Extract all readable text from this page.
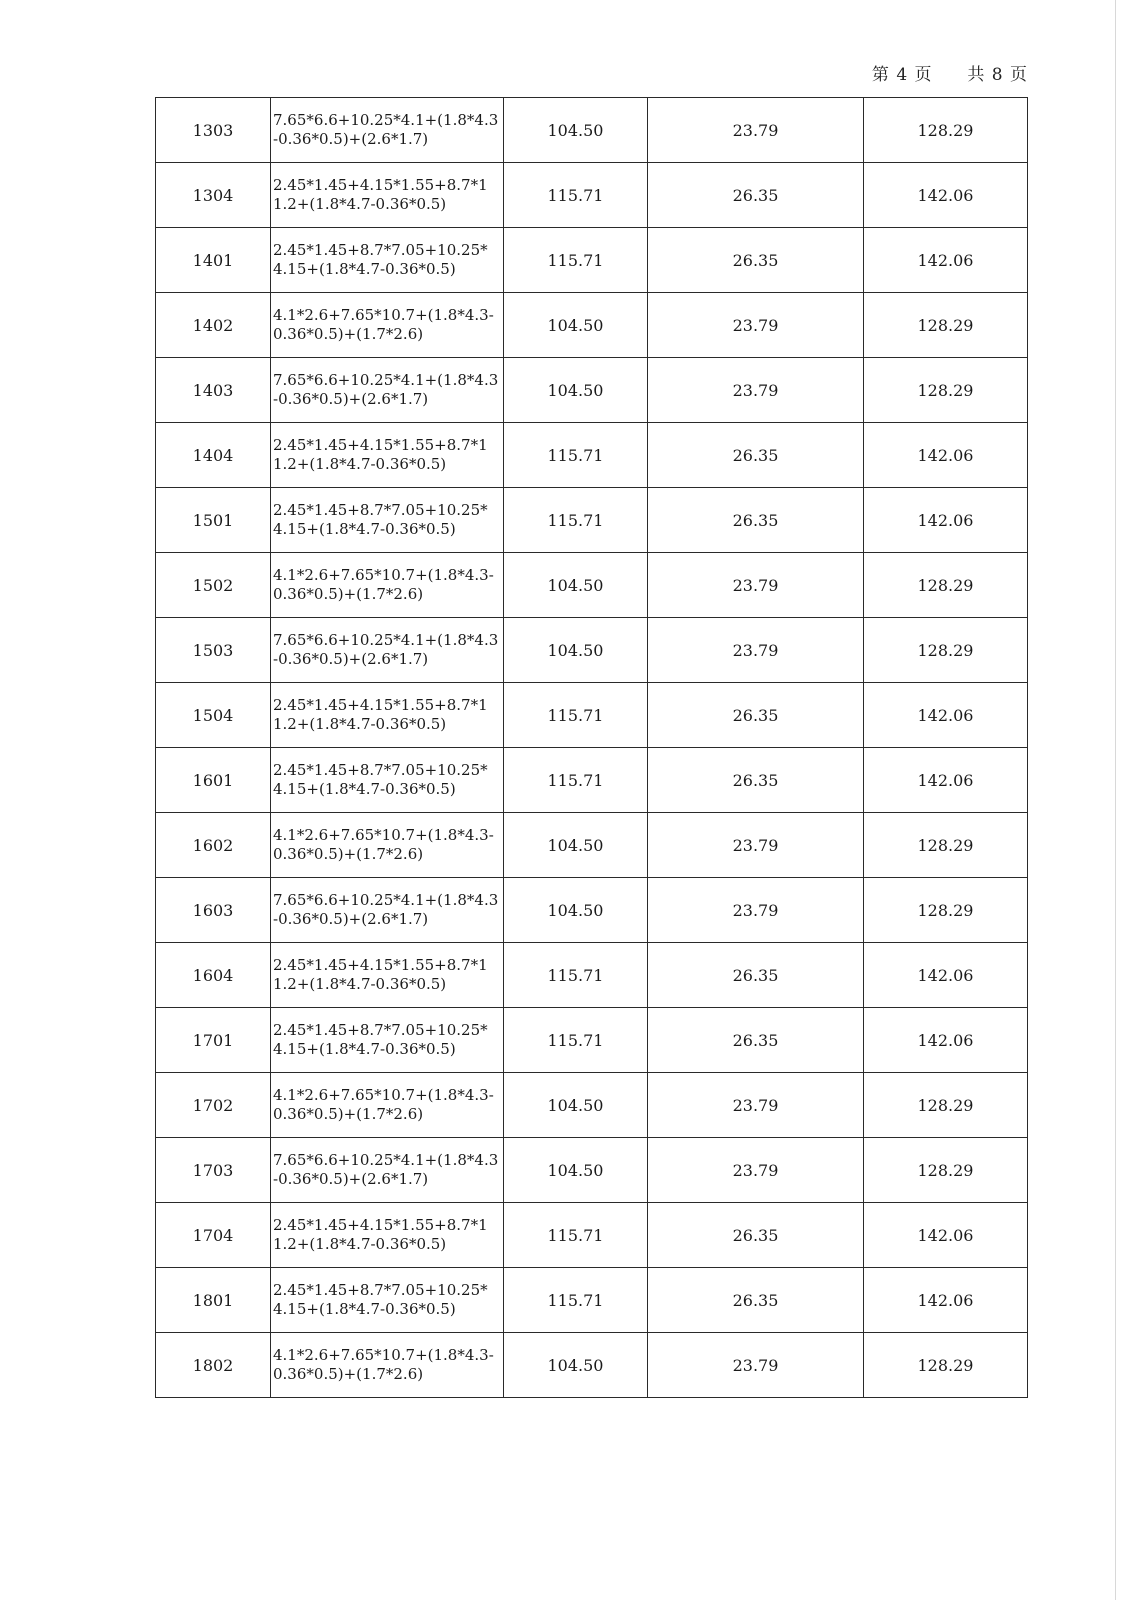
第 4 页 共 8 页
1303	7.65*6.6+10.25*4.1+(1.8*4.3-0.36*0.5)+(2.6*1.7)	104.50	23.79	128.29
1304	2.45*1.45+4.15*1.55+8.7*11.2+(1.8*4.7-0.36*0.5)	115.71	26.35	142.06
1401	2.45*1.45+8.7*7.05+10.25*4.15+(1.8*4.7-0.36*0.5)	115.71	26.35	142.06
1402	4.1*2.6+7.65*10.7+(1.8*4.3-0.36*0.5)+(1.7*2.6)	104.50	23.79	128.29
1403	7.65*6.6+10.25*4.1+(1.8*4.3-0.36*0.5)+(2.6*1.7)	104.50	23.79	128.29
1404	2.45*1.45+4.15*1.55+8.7*11.2+(1.8*4.7-0.36*0.5)	115.71	26.35	142.06
1501	2.45*1.45+8.7*7.05+10.25*4.15+(1.8*4.7-0.36*0.5)	115.71	26.35	142.06
1502	4.1*2.6+7.65*10.7+(1.8*4.3-0.36*0.5)+(1.7*2.6)	104.50	23.79	128.29
1503	7.65*6.6+10.25*4.1+(1.8*4.3-0.36*0.5)+(2.6*1.7)	104.50	23.79	128.29
1504	2.45*1.45+4.15*1.55+8.7*11.2+(1.8*4.7-0.36*0.5)	115.71	26.35	142.06
1601	2.45*1.45+8.7*7.05+10.25*4.15+(1.8*4.7-0.36*0.5)	115.71	26.35	142.06
1602	4.1*2.6+7.65*10.7+(1.8*4.3-0.36*0.5)+(1.7*2.6)	104.50	23.79	128.29
1603	7.65*6.6+10.25*4.1+(1.8*4.3-0.36*0.5)+(2.6*1.7)	104.50	23.79	128.29
1604	2.45*1.45+4.15*1.55+8.7*11.2+(1.8*4.7-0.36*0.5)	115.71	26.35	142.06
1701	2.45*1.45+8.7*7.05+10.25*4.15+(1.8*4.7-0.36*0.5)	115.71	26.35	142.06
1702	4.1*2.6+7.65*10.7+(1.8*4.3-0.36*0.5)+(1.7*2.6)	104.50	23.79	128.29
1703	7.65*6.6+10.25*4.1+(1.8*4.3-0.36*0.5)+(2.6*1.7)	104.50	23.79	128.29
1704	2.45*1.45+4.15*1.55+8.7*11.2+(1.8*4.7-0.36*0.5)	115.71	26.35	142.06
1801	2.45*1.45+8.7*7.05+10.25*4.15+(1.8*4.7-0.36*0.5)	115.71	26.35	142.06
1802	4.1*2.6+7.65*10.7+(1.8*4.3-0.36*0.5)+(1.7*2.6)	104.50	23.79	128.29
